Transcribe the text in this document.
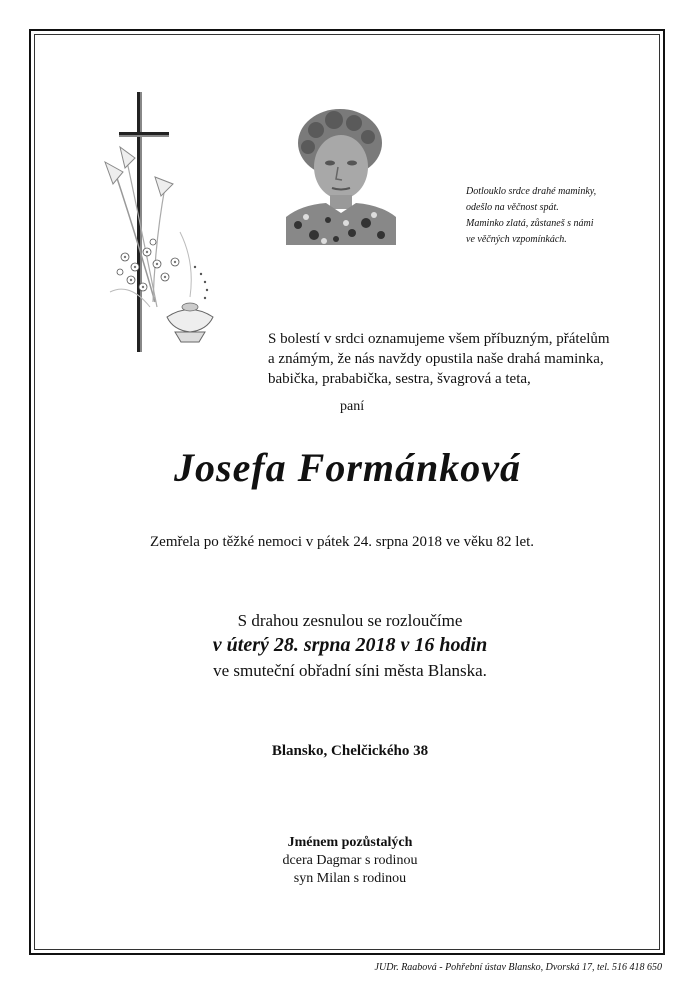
Dotlouklo srdce drahé maminky,
odešlo na věčnost spát.
Maminko zlatá, zůstaneš s námi
ve věčných vzpomínkách.
S bolestí v srdci oznamujeme všem příbuzným, přátelům
a známým, že nás navždy opustila naše drahá maminka,
babička, prababička, sestra, švagrová a teta,
paní
Josefa Formánková
Zemřela po těžké nemoci v pátek 24. srpna 2018 ve věku 82 let.
S drahou zesnulou se rozloučíme
v úterý 28. srpna 2018 v 16 hodin
ve smuteční obřadní síni města Blanska.
Blansko, Chelčického 38
Jménem pozůstalých
dcera Dagmar s rodinou
syn Milan s rodinou
JUDr. Raabová - Pohřební ústav Blansko, Dvorská 17, tel. 516 418 650
